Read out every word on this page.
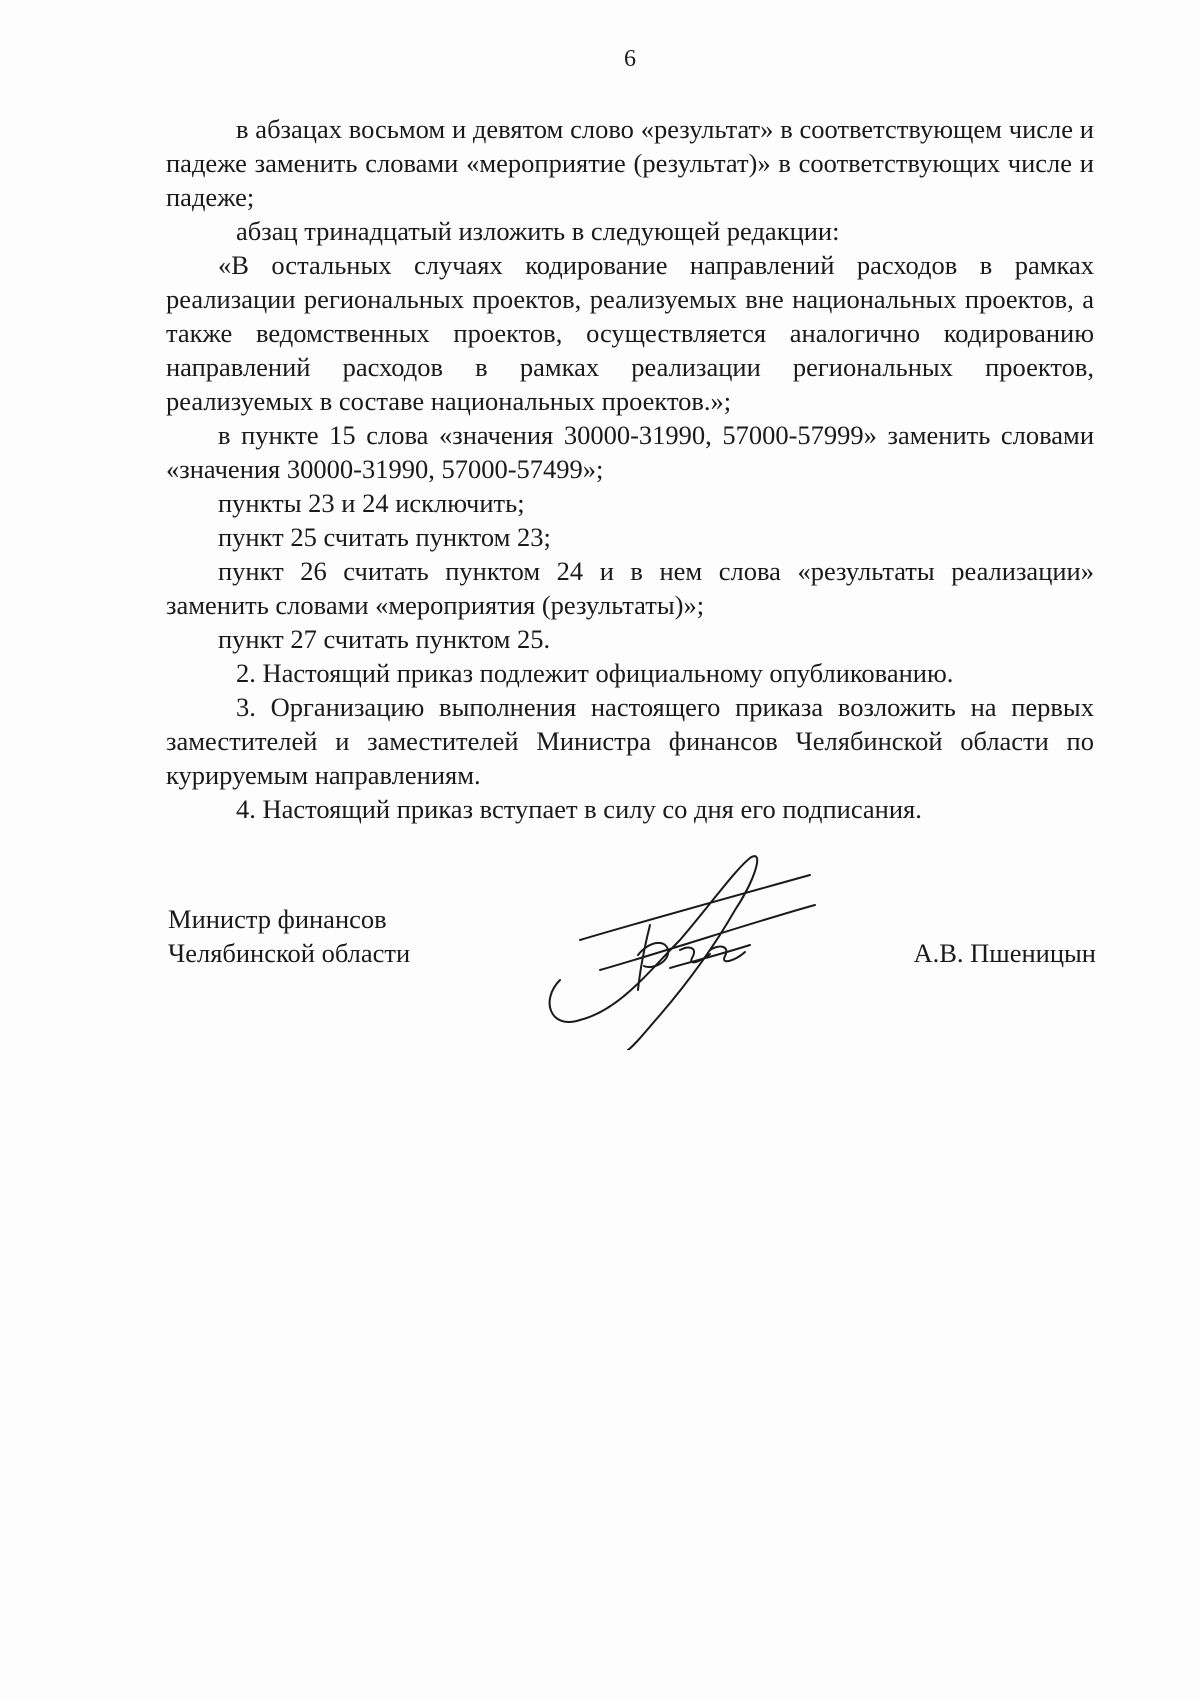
6

в абзацах восьмом и девятом слово «результат» в соответствующем числе и падеже заменить словами «мероприятие (результат)» в соответствующих числе и падеже;

абзац тринадцатый изложить в следующей редакции:

«В остальных случаях кодирование направлений расходов в рамках реализации региональных проектов, реализуемых вне национальных проектов, а также ведомственных проектов, осуществляется аналогично кодированию направлений расходов в рамках реализации региональных проектов, реализуемых в составе национальных проектов.»;

в пункте 15 слова «значения 30000-31990, 57000-57999» заменить словами «значения 30000-31990, 57000-57499»;

пункты 23 и 24 исключить;

пункт 25 считать пунктом 23;

пункт 26 считать пунктом 24 и в нем слова «результаты реализации» заменить словами «мероприятия (результаты)»;

пункт 27 считать пунктом 25.

2. Настоящий приказ подлежит официальному опубликованию.

3. Организацию выполнения настоящего приказа возложить на первых заместителей и заместителей Министра финансов Челябинской области по курируемым направлениям.

4. Настоящий приказ вступает в силу со дня его подписания.

Министр финансов
Челябинской области	А.В. Пшеницын
